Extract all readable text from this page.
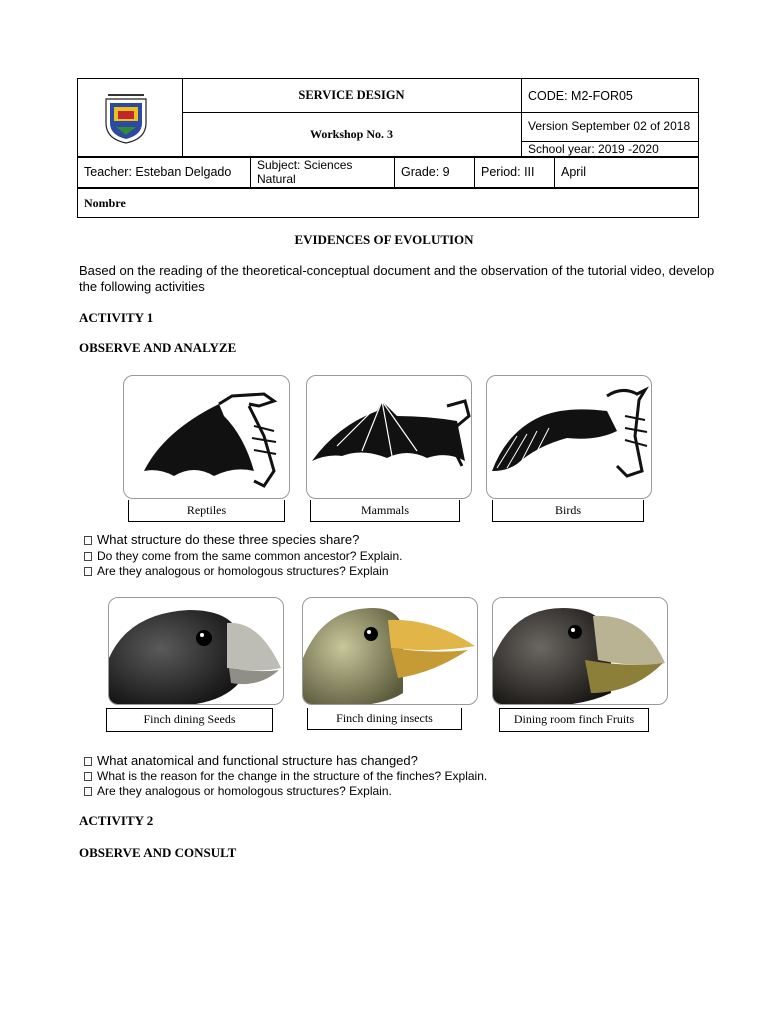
SERVICE DESIGN	CODE: M2-FOR05
Workshop No. 3
Version September 02 of 2018
School year: 2019 -2020
Teacher: Esteban Delgado	Subject: Sciences Natural	Grade: 9	Period: III	April
Nombre
EVIDENCES OF EVOLUTION
Based on the reading of the theoretical-conceptual document and the observation of the tutorial video, develop the following activities
ACTIVITY 1
OBSERVE AND ANALYZE
Reptiles	Mammals	Birds
What structure do these three species share?
Do they come from the same common ancestor? Explain.
Are they analogous or homologous structures? Explain
Finch dining Seeds	Finch dining insects	Dining room finch Fruits
What anatomical and functional structure has changed?
What is the reason for the change in the structure of the finches? Explain.
Are they analogous or homologous structures? Explain.
ACTIVITY 2
OBSERVE AND CONSULT
